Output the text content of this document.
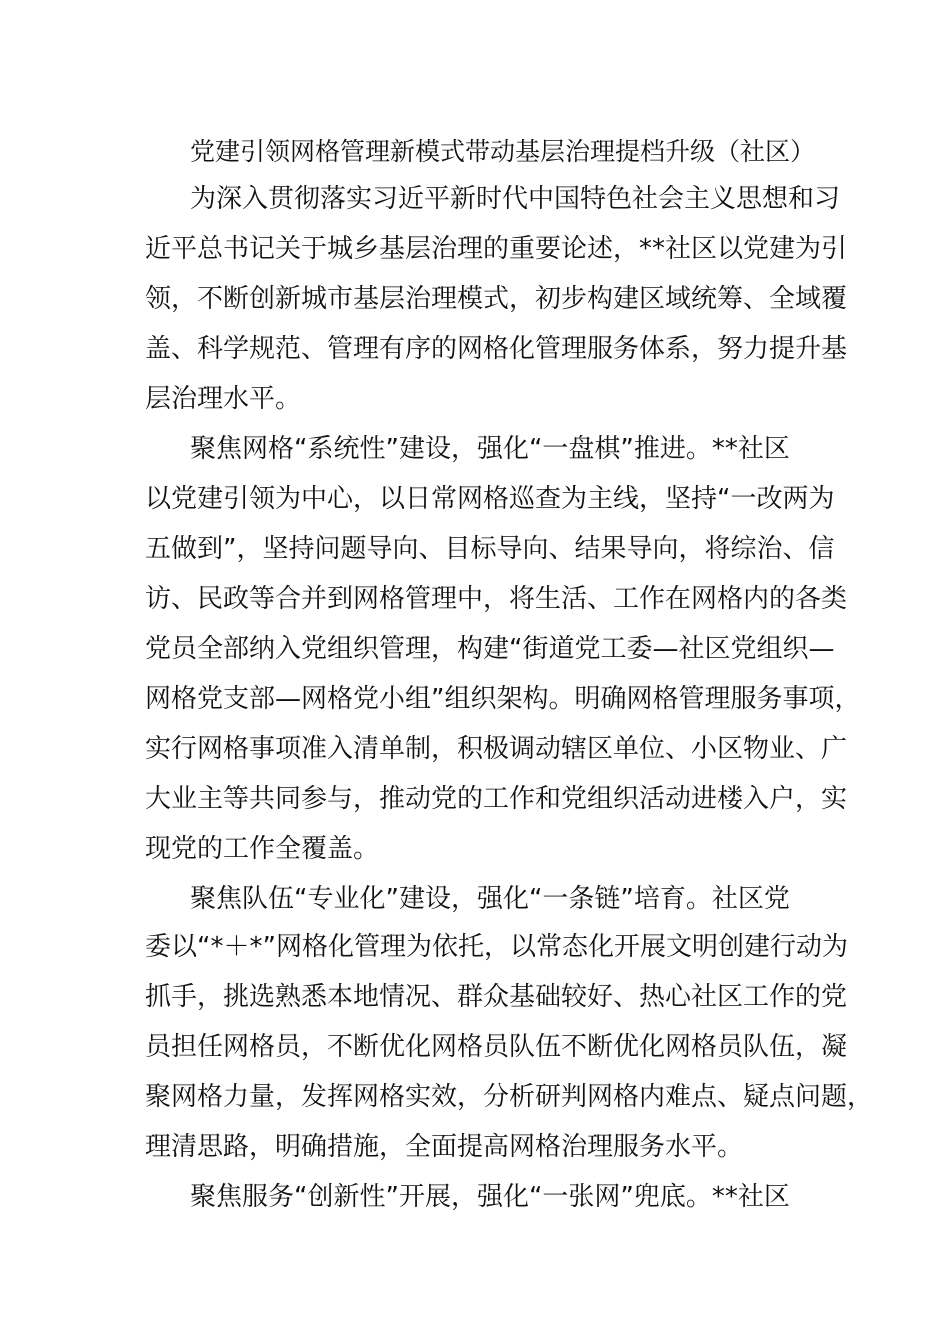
党建引领网格管理新模式带动基层治理提档升级（社区）

为深入贯彻落实习近平新时代中国特色社会主义思想和习

近平总书记关于城乡基层治理的重要论述，**社区以党建为引

领，不断创新城市基层治理模式，初步构建区域统筹、全域覆

盖、科学规范、管理有序的网格化管理服务体系，努力提升基

层治理水平。

聚焦网格“系统性”建设，强化“一盘棋”推进。**社区

以党建引领为中心，以日常网格巡查为主线，坚持“一改两为

五做到”，坚持问题导向、目标导向、结果导向，将综治、信

访、民政等合并到网格管理中，将生活、工作在网格内的各类

党员全部纳入党组织管理，构建“街道党工委—社区党组织—

网格党支部—网格党小组”组织架构。明确网格管理服务事项，

实行网格事项准入清单制，积极调动辖区单位、小区物业、广

大业主等共同参与，推动党的工作和党组织活动进楼入户，实

现党的工作全覆盖。

聚焦队伍“专业化”建设，强化“一条链”培育。社区党

委以“*＋*”网格化管理为依托，以常态化开展文明创建行动为

抓手，挑选熟悉本地情况、群众基础较好、热心社区工作的党

员担任网格员，不断优化网格员队伍不断优化网格员队伍，凝

聚网格力量，发挥网格实效，分析研判网格内难点、疑点问题，

理清思路，明确措施，全面提高网格治理服务水平。

聚焦服务“创新性”开展，强化“一张网”兜底。**社区
